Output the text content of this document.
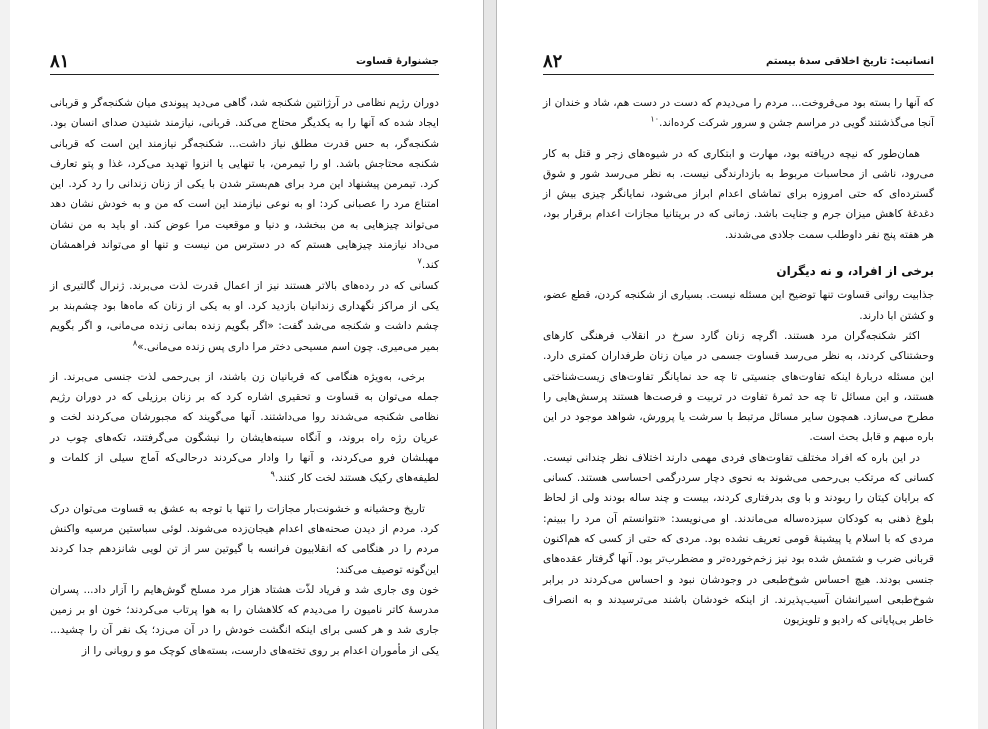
جشنوارهٔ قساوت
۸۱

دوران رژیم نظامی در آرژانتین شکنجه شد، گاهی می‌دید پیوندی میان شکنجه‌گر و قربانی ایجاد شده که آنها را به یکدیگر محتاج می‌کند. قربانی، نیازمند شنیدن صدای انسان بود. شکنجه‌گر، به حس قدرت مطلق نیاز داشت... شکنجه‌گر نیازمند این است که قربانی شکنجه محتاجش باشد. او را تیمرمن، با تنهایی یا انزوا تهدید می‌کرد، غذا و پتو تعارف کرد. تیمرمن پیشنهاد این مرد برای هم‌بستر شدن با یکی از زنان زندانی را رد کرد. این امتناع مرد را عصبانی کرد: او به نوعی نیازمند این است که من و به خودش نشان دهد می‌تواند چیزهایی به من ببخشد، و دنیا و موقعیت مرا عوض کند. او باید به من نشان می‌داد نیازمند چیزهایی هستم که در دسترس من نیست و تنها او می‌تواند فراهمشان کند.$^۷$

کسانی که در رده‌های بالاتر هستند نیز از اعمال قدرت لذت می‌برند. ژنرال گالتیری از یکی از مراکز نگهداری زندانیان بازدید کرد. او به یکی از زنان که ماه‌ها بود چشم‌بند بر چشم داشت و شکنجه می‌شد گفت: «اگر بگویم زنده بمانی زنده می‌مانی، و اگر بگویم بمیر می‌میری. چون اسم مسیحی دختر مرا داری پس زنده می‌مانی.»$^۸$

برخی، به‌ویژه هنگامی که قربانیان زن باشند، از بی‌رحمی لذت جنسی می‌برند. از جمله می‌توان به قساوت و تحقیری اشاره کرد که بر زنان برزیلی که در دوران رژیم نظامی شکنجه می‌شدند روا می‌داشتند. آنها می‌گویند که مجبورشان می‌کردند لخت و عریان رژه راه بروند، و آنگاه سینه‌هایشان را نیشگون می‌گرفتند، تکه‌های چوب در مهبلشان فرو می‌کردند، و آنها را وادار می‌کردند درحالی‌که آماج سیلی از کلمات و لطیفه‌های رکیک هستند لخت کار کنند.$^۹$

تاریخ وحشیانه و خشونت‌بار مجازات را تنها با توجه به عشق به قساوت می‌توان درک کرد. مردم از دیدن صحنه‌های اعدام هیجان‌زده می‌شوند. لوئی سباستین مرسیه واکنش مردم را در هنگامی که انقلابیون فرانسه با گیوتین سر از تن لویی شانزدهم جدا کردند این‌گونه توصیف می‌کند:

خون وی جاری شد و فریاد لذّت هشتاد هزار مرد مسلح گوش‌هایم را آزار داد... پسران مدرسهٔ کاتر نامیون را می‌دیدم که کلاهشان را به هوا پرتاب می‌کردند؛ خون او بر زمین جاری شد و هر کسی برای اینکه انگشت خودش را در آن می‌زد؛ یک نفر آن را چشید... یکی از مأموران اعدام بر روی تخته‌های دارست، بسته‌های کوچک مو و روبانی را از

انسانیت: تاریخ اخلاقی سدهٔ بیستم
۸۲

که آنها را بسته بود می‌فروخت... مردم را می‌دیدم که دست در دست هم، شاد و خندان از آنجا می‌گذشتند گویی در مراسم جشن و سرور شرکت کرده‌اند.$^{۱۰}$

همان‌طور که نیچه دریافته بود، مهارت و ابتکاری که در شیوه‌های زجر و قتل به کار می‌رود، ناشی از محاسبات مربوط به بازدارندگی نیست. به نظر می‌رسد شور و شوق گسترده‌ای که حتی امروزه برای تماشای اعدام ابراز می‌شود، نمایانگر چیزی بیش از دغدغهٔ کاهش میزان جرم و جنایت باشد. زمانی که در بریتانیا مجازات اعدام برقرار بود، هر هفته پنج نفر داوطلب سمت جلادی می‌شدند.

برخی از افراد، و نه دیگران

جذابیت روانی قساوت تنها توضیح این مسئله نیست. بسیاری از شکنجه کردن، قطع عضو، و کشتن ابا دارند.

اکثر شکنجه‌گران مرد هستند. اگرچه زنان گارد سرخ در انقلاب فرهنگی کارهای وحشتناکی کردند، به نظر می‌رسد قساوت جسمی در میان زنان طرفداران کمتری دارد. این مسئله دربارهٔ اینکه تفاوت‌های جنسیتی تا چه حد نمایانگر تفاوت‌های زیست‌شناختی هستند، و این مسائل تا چه حد ثمرهٔ تفاوت در تربیت و فرصت‌ها هستند پرسش‌هایی را مطرح می‌سازد. همچون سایر مسائل مرتبط با سرشت یا پرورش، شواهد موجود در این باره مبهم و قابل بحث است.

در این باره که افراد مختلف تفاوت‌های فردی مهمی دارند اختلاف نظر چندانی نیست. کسانی که مرتکب بی‌رحمی می‌شوند به نحوی دچار سردرگمی احساسی هستند. کسانی که برایان کیتان را ربودند و با وی بدرفتاری کردند، بیست و چند ساله بودند ولی از لحاظ بلوغ ذهنی به کودکان سیزده‌ساله می‌ماندند. او می‌نویسد: «نتوانستم آن مرد را ببینم: مردی که با اسلام یا پیشینهٔ قومی تعریف نشده بود. مردی که حتی از کسی که هم‌اکنون قربانی ضرب و شتمش شده بود نیز زخم‌خورده‌تر و مضطرب‌تر بود. آنها گرفتار عقده‌های جنسی بودند. هیچ احساس شوخ‌طبعی در وجودشان نبود و احساس می‌کردند در برابر شوخ‌طبعی اسیرانشان آسیب‌پذیرند. از اینکه خودشان باشند می‌ترسیدند و به انصراف خاطر بی‌پایانی که رادیو و تلویزیون
